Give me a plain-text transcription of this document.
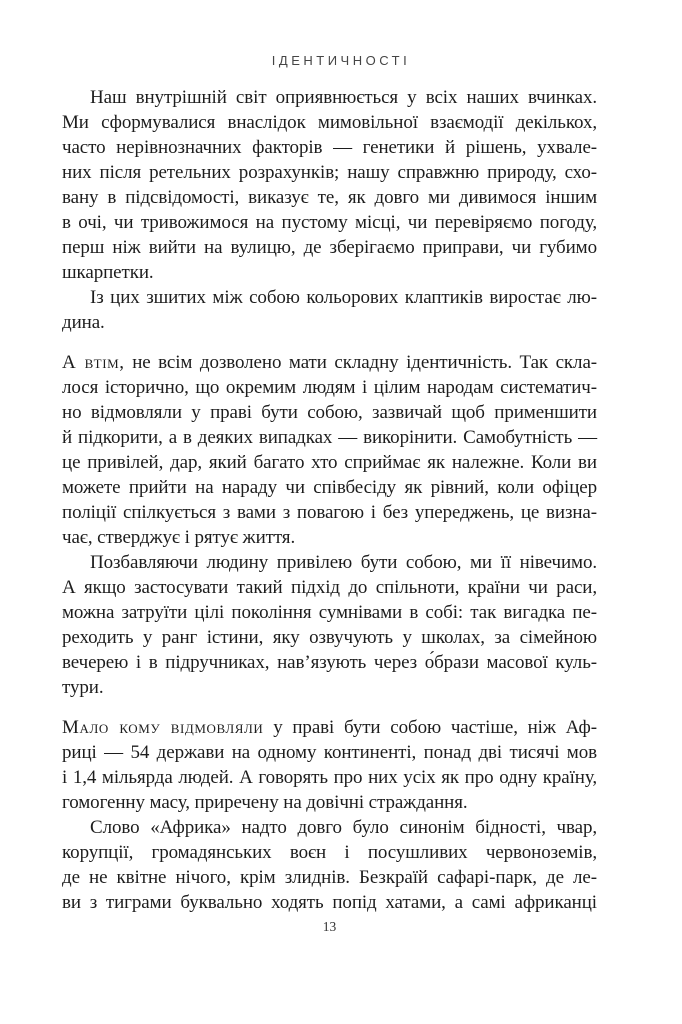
ІДЕНТИЧНОСТІ
Наш внутрішній світ оприявнюється у всіх наших вчинках.
Ми сформувалися внаслідок мимовільної взаємодії декількох,
часто нерівнозначних факторів — генетики й рішень, ухвале-
них після ретельних розрахунків; нашу справжню природу, схо-
вану в підсвідомості, виказує те, як довго ми дивимося іншим
в очі, чи тривожимося на пустому місці, чи перевіряємо погоду,
перш ніж вийти на вулицю, де зберігаємо приправи, чи губимо
шкарпетки.
Із цих зшитих між собою кольорових клаптиків виростає лю-
дина.
А втім, не всім дозволено мати складну ідентичність. Так скла-
лося історично, що окремим людям і цілим народам систематич-
но відмовляли у праві бути собою, зазвичай щоб применшити
й підкорити, а в деяких випадках — викорінити. Самобутність —
це привілей, дар, який багато хто сприймає як належне. Коли ви
можете прийти на нараду чи співбесіду як рівний, коли офіцер
поліції спілкується з вами з повагою і без упереджень, це визна-
чає, стверджує і рятує життя.
Позбавляючи людину привілею бути собою, ми її нівечимо.
А якщо застосувати такий підхід до спільноти, країни чи раси,
можна затруїти цілі покоління сумнівами в собі: так вигадка пе-
реходить у ранг істини, яку озвучують у школах, за сімейною
вечерею і в підручниках, нав’язують через о́брази масової куль-
тури.
Мало кому відмовляли у праві бути собою частіше, ніж Аф-
риці — 54 держави на одному континенті, понад дві тисячі мов
і 1,4 мільярда людей. А говорять про них усіх як про одну країну,
гомогенну масу, приречену на довічні страждання.
Слово «Африка» надто довго було синонім бідності, чвар,
корупції, громадянських воєн і посушливих червоноземів,
де не квітне нічого, крім злиднів. Безкраїй сафарі-парк, де ле-
ви з тиграми буквально ходять попід хатами, а самі африканці
13
